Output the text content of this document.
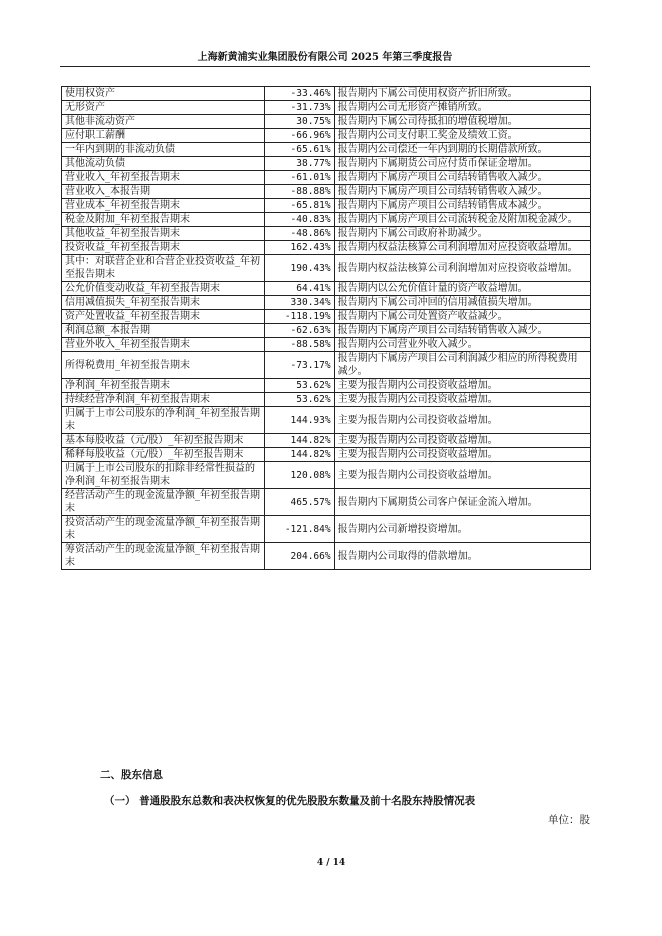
上海新黄浦实业集团股份有限公司 2025 年第三季度报告
使用权资产	-33.46%	报告期内下属公司使用权资产折旧所致。
无形资产	-31.73%	报告期内公司无形资产摊销所致。
其他非流动资产	30.75%	报告期内下属公司待抵扣的增值税增加。
应付职工薪酬	-66.96%	报告期内公司支付职工奖金及绩效工资。
一年内到期的非流动负债	-65.61%	报告期内公司偿还一年内到期的长期借款所致。
其他流动负债	38.77%	报告期内下属期货公司应付货币保证金增加。
营业收入_年初至报告期末	-61.01%	报告期内下属房产项目公司结转销售收入减少。
营业收入_本报告期	-88.88%	报告期内下属房产项目公司结转销售收入减少。
营业成本_年初至报告期末	-65.81%	报告期内下属房产项目公司结转销售成本减少。
税金及附加_年初至报告期末	-40.83%	报告期内下属房产项目公司流转税金及附加税金减少。
其他收益_年初至报告期末	-48.86%	报告期内下属公司政府补助减少。
投资收益_年初至报告期末	162.43%	报告期内权益法核算公司利润增加对应投资收益增加。
其中：对联营企业和合营企业投资收益_年初至报告期末	190.43%	报告期内权益法核算公司利润增加对应投资收益增加。
公允价值变动收益_年初至报告期末	64.41%	报告期内以公允价值计量的资产收益增加。
信用减值损失_年初至报告期末	330.34%	报告期内下属公司冲回的信用减值损失增加。
资产处置收益_年初至报告期末	-118.19%	报告期内下属公司处置资产收益减少。
利润总额_本报告期	-62.63%	报告期内下属房产项目公司结转销售收入减少。
营业外收入_年初至报告期末	-88.58%	报告期内公司营业外收入减少。
所得税费用_年初至报告期末	-73.17%	报告期内下属房产项目公司利润减少相应的所得税费用减少。
净利润_年初至报告期末	53.62%	主要为报告期内公司投资收益增加。
持续经营净利润_年初至报告期末	53.62%	主要为报告期内公司投资收益增加。
归属于上市公司股东的净利润_年初至报告期末	144.93%	主要为报告期内公司投资收益增加。
基本每股收益（元/股）_年初至报告期末	144.82%	主要为报告期内公司投资收益增加。
稀释每股收益（元/股）_年初至报告期末	144.82%	主要为报告期内公司投资收益增加。
归属于上市公司股东的扣除非经常性损益的净利润_年初至报告期末	120.08%	主要为报告期内公司投资收益增加。
经营活动产生的现金流量净额_年初至报告期末	465.57%	报告期内下属期货公司客户保证金流入增加。
投资活动产生的现金流量净额_年初至报告期末	-121.84%	报告期内公司新增投资增加。
筹资活动产生的现金流量净额_年初至报告期末	204.66%	报告期内公司取得的借款增加。
二、股东信息
（一） 普通股股东总数和表决权恢复的优先股股东数量及前十名股东持股情况表
单位：股
4 / 14
